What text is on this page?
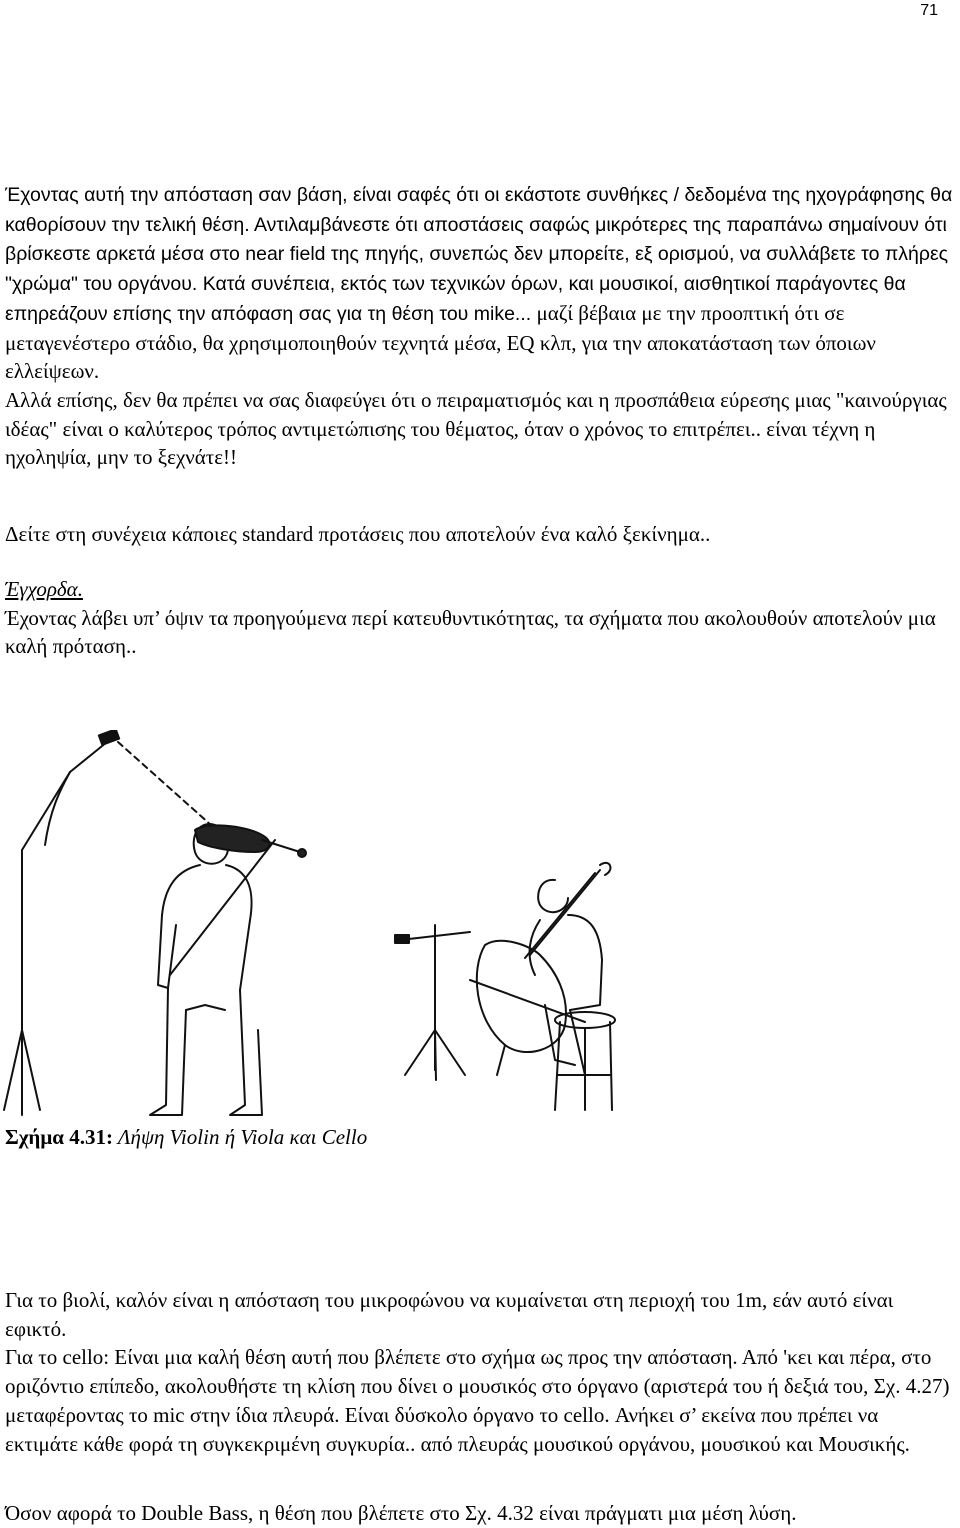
71

Έχοντας αυτή την απόσταση σαν βάση, είναι σαφές ότι οι εκάστοτε συνθήκες / δεδομένα της ηχογράφησης θα καθορίσουν την τελική θέση. Αντιλαμβάνεστε ότι αποστάσεις σαφώς μικρότερες της παραπάνω σημαίνουν ότι βρίσκεστε αρκετά μέσα στο near field της πηγής, συνεπώς δεν μπορείτε, εξ ορισμού, να συλλάβετε το πλήρες "χρώμα" του οργάνου. Κατά συνέπεια, εκτός των τεχνικών όρων, και μουσικοί, αισθητικοί παράγοντες θα επηρεάζουν επίσης την απόφαση σας για τη θέση του mike... μαζί βέβαια με την προοπτική ότι σε μεταγενέστερο στάδιο, θα χρησιμοποιηθούν τεχνητά μέσα, EQ κλπ, για την αποκατάσταση των όποιων ελλείψεων.

Αλλά επίσης, δεν θα πρέπει να σας διαφεύγει ότι ο πειραματισμός και η προσπάθεια εύρεσης μιας "καινούργιας ιδέας" είναι ο καλύτερος τρόπος αντιμετώπισης του θέματος, όταν ο χρόνος το επιτρέπει.. είναι τέχνη η ηχοληψία, μην το ξεχνάτε!!

Δείτε στη συνέχεια κάποιες standard προτάσεις που αποτελούν ένα καλό ξεκίνημα..

Έγχορδα.

Έχοντας λάβει υπ’ όψιν τα προηγούμενα περί κατευθυντικότητας, τα σχήματα που ακολουθούν αποτελούν μια καλή πρόταση..

Σχήμα 4.31: Λήψη Violin ή Viola και Cello

Για το βιολί, καλόν είναι η απόσταση του μικροφώνου να κυμαίνεται στη περιοχή του 1m, εάν αυτό είναι εφικτό.

Για το cello: Είναι μια καλή θέση αυτή που βλέπετε στο σχήμα ως προς την απόσταση. Από 'κει και πέρα, στο οριζόντιο επίπεδο, ακολουθήστε τη κλίση που δίνει ο μουσικός στο όργανο (αριστερά του ή δεξιά του, Σχ. 4.27) μεταφέροντας το mic στην ίδια πλευρά. Είναι δύσκολο όργανο το cello. Ανήκει σ’ εκείνα που πρέπει να εκτιμάτε κάθε φορά τη συγκεκριμένη συγκυρία.. από πλευράς μουσικού οργάνου, μουσικού και Μουσικής.

Όσον αφορά το Double Bass, η θέση που βλέπετε στο Σχ. 4.32 είναι πράγματι μια μέση λύση.
